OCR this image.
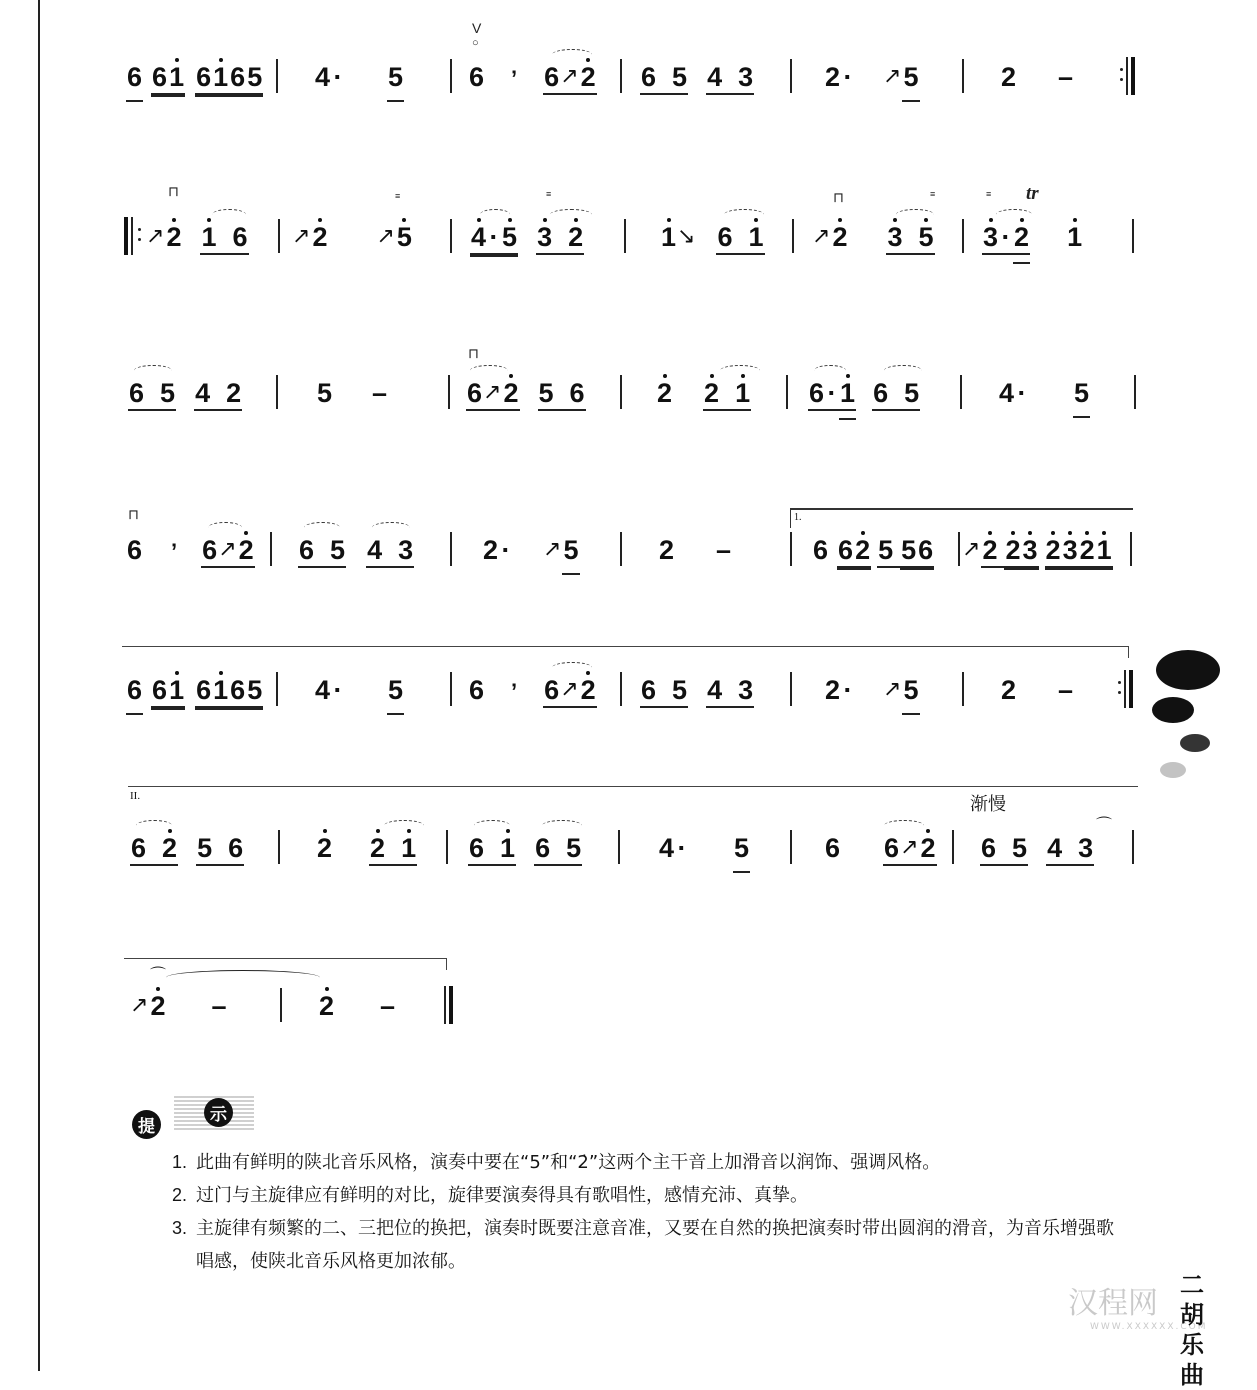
6 61 6165 4 · 5
V
○
6 ’ 6↗2 6 5 4 3	2 · ↗5	2 –
⊓
↗2 1 6 ↗2 ↗5
≡
4 · 5 3 2
≡
1↘ 6 1
⊓
↗2 3 5
≡	≡ tr
3 · 2 1
6 5 4 2	5 –
⊓
6↗2 5 6	2 2 1 6 · 1 6 5	4 · 5
⊓
6 ’ 6↗2 6 5 4 3	2 · ↗5	2 –
1.
6 62 5 56 ↗2 23 2321
6 61 6165 4 · 5 6 ’ 6↗2 6 5 4 3	2 · ↗5	2 –
II.	渐慢
6 2 5 6	2 2 1 6 1 6 5	4 · 5	6 6↗2
⌒
6 5 4 3
⌒
↗2 –	2 –
提
示
1. 此曲有鲜明的陕北音乐风格，演奏中要在“5”和“2̇”这两个主干音上加滑音以润饰、强调风格。
2. 过门与主旋律应有鲜明的对比，旋律要演奏得具有歌唱性，感情充沛、真挚。
3. 主旋律有频繁的二、三把位的换把，演奏时既要注意音准，又要在自然的换把演奏时带出圆润的滑音，为音乐增强歌唱感，使陕北音乐风格更加浓郁。
汉程网
WWW.XXXXXX.COM
二胡乐曲
